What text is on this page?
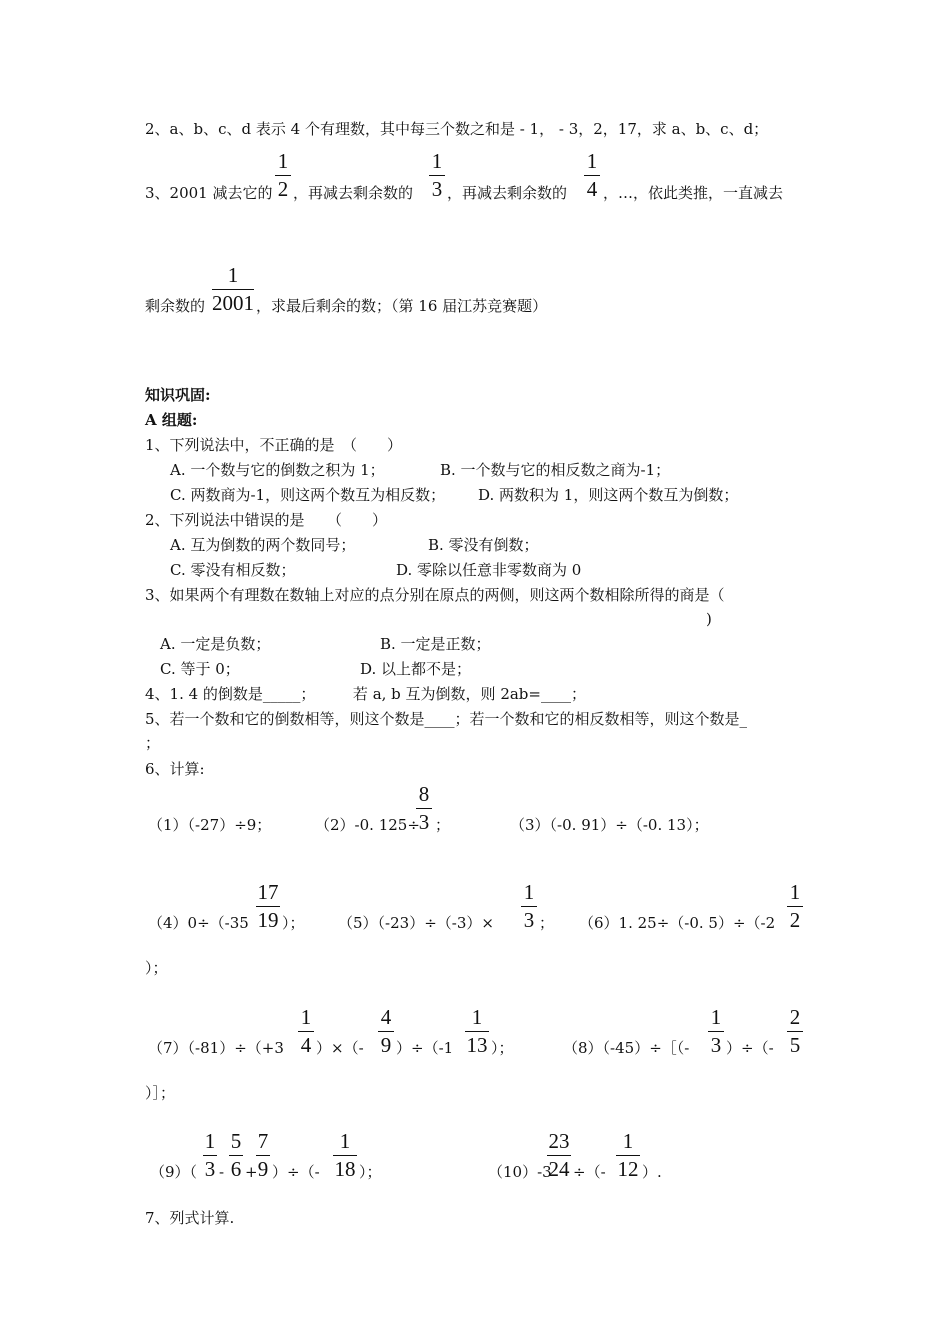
2、a、b、c、d 表示 4 个有理数，其中每三个数之和是 - 1， - 3，2，17，求 a、b、c、d；
3、2001 减去它的
1
2 ，再减去剩余数的
1
3 ，再减去剩余数的
1
4 ，…，依此类推，一直减去
剩余数的
1
2001 ，求最后剩余的数；（第 16 届江苏竞赛题）
知识巩固:
A 组题:
1、下列说法中，不正确的是　（　　）
A. 一个数与它的倒数之积为 1；	B. 一个数与它的相反数之商为-1；
C. 两数商为-1，则这两个数互为相反数； D. 两数积为 1，则这两个数互为倒数；
2、下列说法中错误的是　　（　　）
A. 互为倒数的两个数同号；	B. 零没有倒数；
C. 零没有相反数；	D. 零除以任意非零数商为 0
3、如果两个有理数在数轴上对应的点分别在原点的两侧，则这两个数相除所得的商是（
)
A. 一定是负数；	B. 一定是正数；
C. 等于 0；	D. 以上都不是；
4、1. 4 的倒数是_____；　　　若 a, b 互为倒数，则 2ab=____；
5、若一个数和它的倒数相等，则这个数是____；若一个数和它的相反数相等，则这个数是_
；
6、计算:
（1）（-27）÷9；	（2）-0. 125÷
8
3 ；	（3）（-0. 91）÷（-0. 13）；
（4）0÷（-35
17
19 ）； （5）（-23）÷（-3）×
1
3 ； （6）1. 25÷（-0. 5）÷（-2
1
2
）；
（7）（-81）÷（+3
1
4 ）×（-
4
9 ）÷（-1
1
13 ）；	（8）（-45）÷［（-
1
3 ）÷（-
2
5
）］；
（9）（
1
3 -
5
6 +
7
9 ）÷（-
1
18 ）；	（10）-3
23
24 ÷（-
1
12 ）.
7、列式计算.
